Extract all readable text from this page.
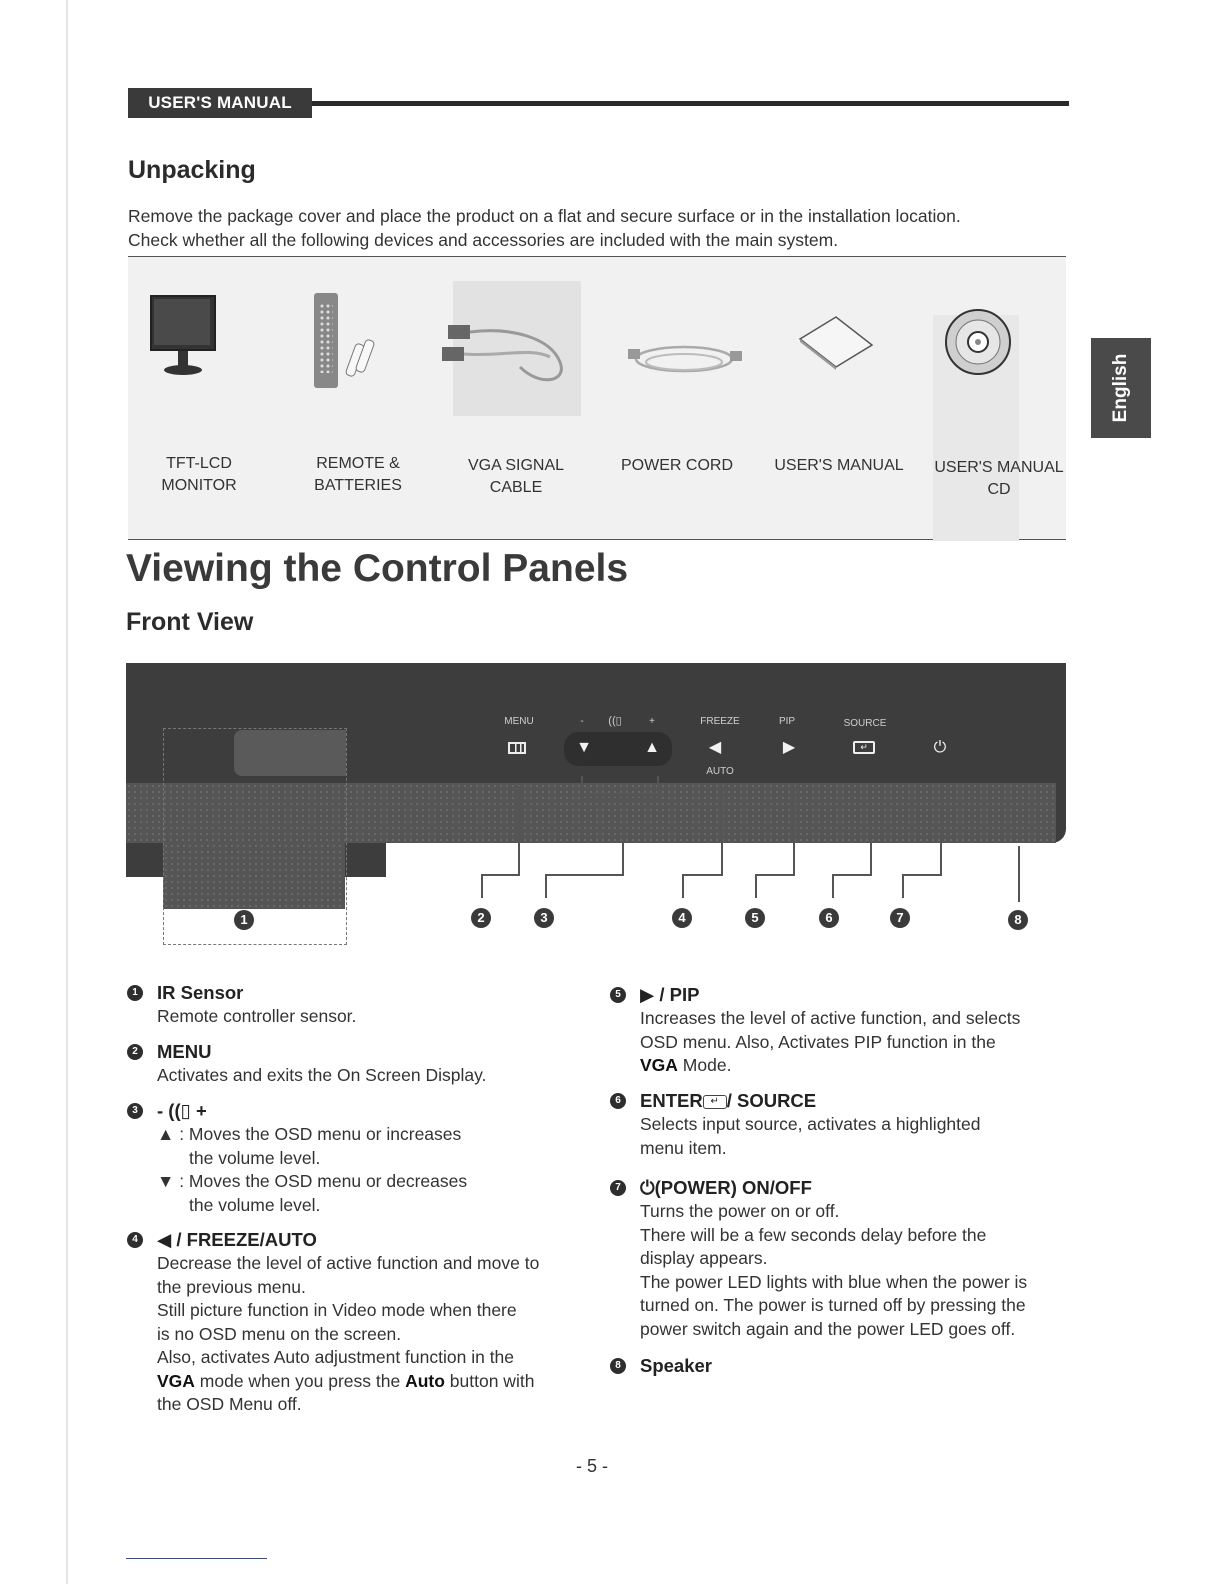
USER'S MANUAL
English
Unpacking
Remove the package cover and place the product on a flat and secure surface or in the installation location.
Check whether all the following devices and accessories are included with the main system.
TFT-LCD
MONITOR
REMOTE &
BATTERIES
VGA SIGNAL
CABLE
POWER CORD	USER'S MANUAL	USER'S MANUAL
CD
Viewing the Control Panels
Front View
MENU	-	((▯	+	FREEZE	PIP	SOURCE
AUTO
▼	▲	◀	▶	↵	⏻
1	2	3	4	5	6	7	8
1 IR Sensor
Remote controller sensor.
2 MENU
Activates and exits the On Screen Display.
3 - ((▯ +
▲ : Moves the OSD menu or increases
the volume level.
▼ : Moves the OSD menu or decreases
the volume level.
4 ◀ / FREEZE/AUTO
Decrease the level of active function and move to
the previous menu.
Still picture function in Video mode when there
is no OSD menu on the screen.
Also, activates Auto adjustment function in the
VGA mode when you press the Auto button with
the OSD Menu off.
5 ▶ / PIP
Increases the level of active function, and selects
OSD menu. Also, Activates PIP function in the
VGA Mode.
6 ENTER ↵ / SOURCE
Selects input source, activates a highlighted
menu item.
7 ⏻(POWER) ON/OFF
Turns the power on or off.
There will be a few seconds delay before the
display appears.
The power LED lights with blue when the power is
turned on. The power is turned off by pressing the
power switch again and the power LED goes off.
8 Speaker
- 5 -
